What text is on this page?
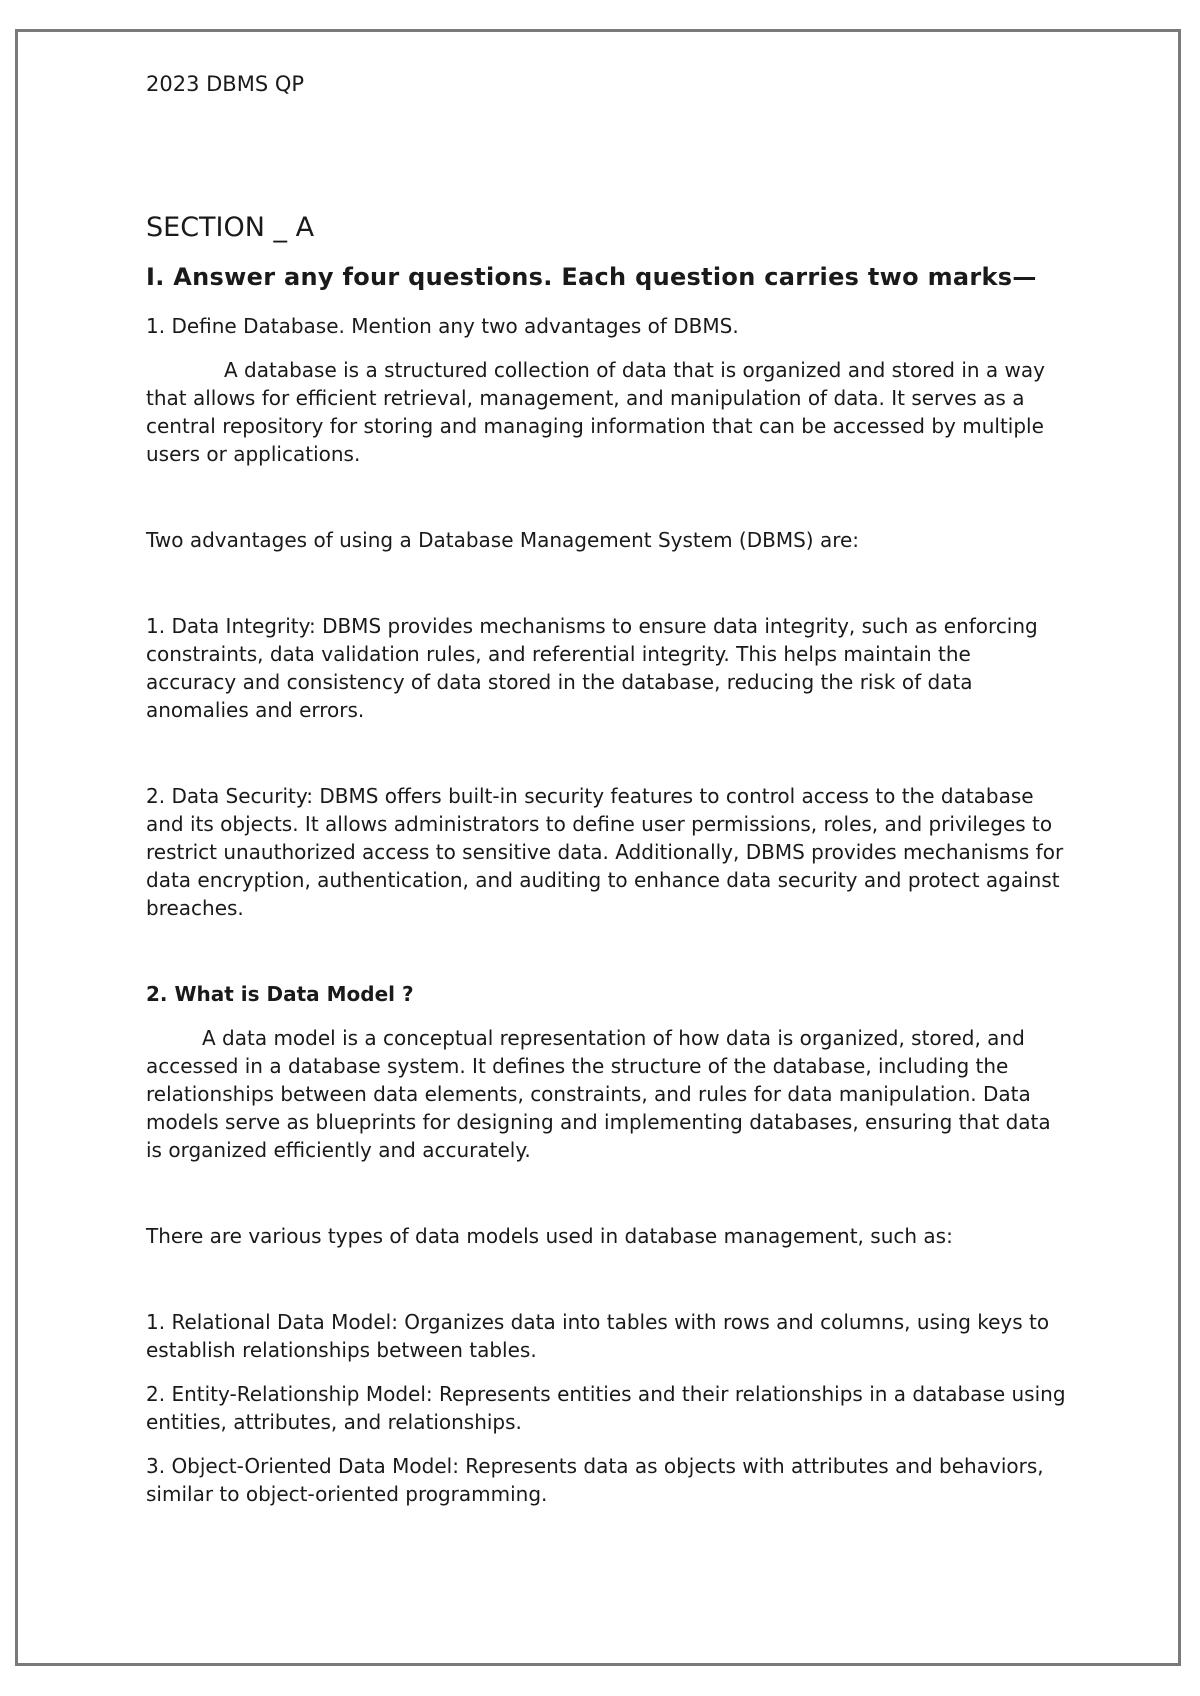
2023 DBMS QP
SECTION _ A
I. Answer any four questions. Each question carries two marks—
1. Define Database. Mention any two advantages of DBMS.

A database is a structured collection of data that is organized and stored in a way that allows for efficient retrieval, management, and manipulation of data. It serves as a central repository for storing and managing information that can be accessed by multiple users or applications.

Two advantages of using a Database Management System (DBMS) are:

1. Data Integrity: DBMS provides mechanisms to ensure data integrity, such as enforcing constraints, data validation rules, and referential integrity. This helps maintain the accuracy and consistency of data stored in the database, reducing the risk of data anomalies and errors.

2. Data Security: DBMS offers built-in security features to control access to the database and its objects. It allows administrators to define user permissions, roles, and privileges to restrict unauthorized access to sensitive data. Additionally, DBMS provides mechanisms for data encryption, authentication, and auditing to enhance data security and protect against breaches.

2. What is Data Model ?

A data model is a conceptual representation of how data is organized, stored, and accessed in a database system. It defines the structure of the database, including the relationships between data elements, constraints, and rules for data manipulation. Data models serve as blueprints for designing and implementing databases, ensuring that data is organized efficiently and accurately.

There are various types of data models used in database management, such as:

1. Relational Data Model: Organizes data into tables with rows and columns, using keys to establish relationships between tables.

2. Entity-Relationship Model: Represents entities and their relationships in a database using entities, attributes, and relationships.

3. Object-Oriented Data Model: Represents data as objects with attributes and behaviors, similar to object-oriented programming.
